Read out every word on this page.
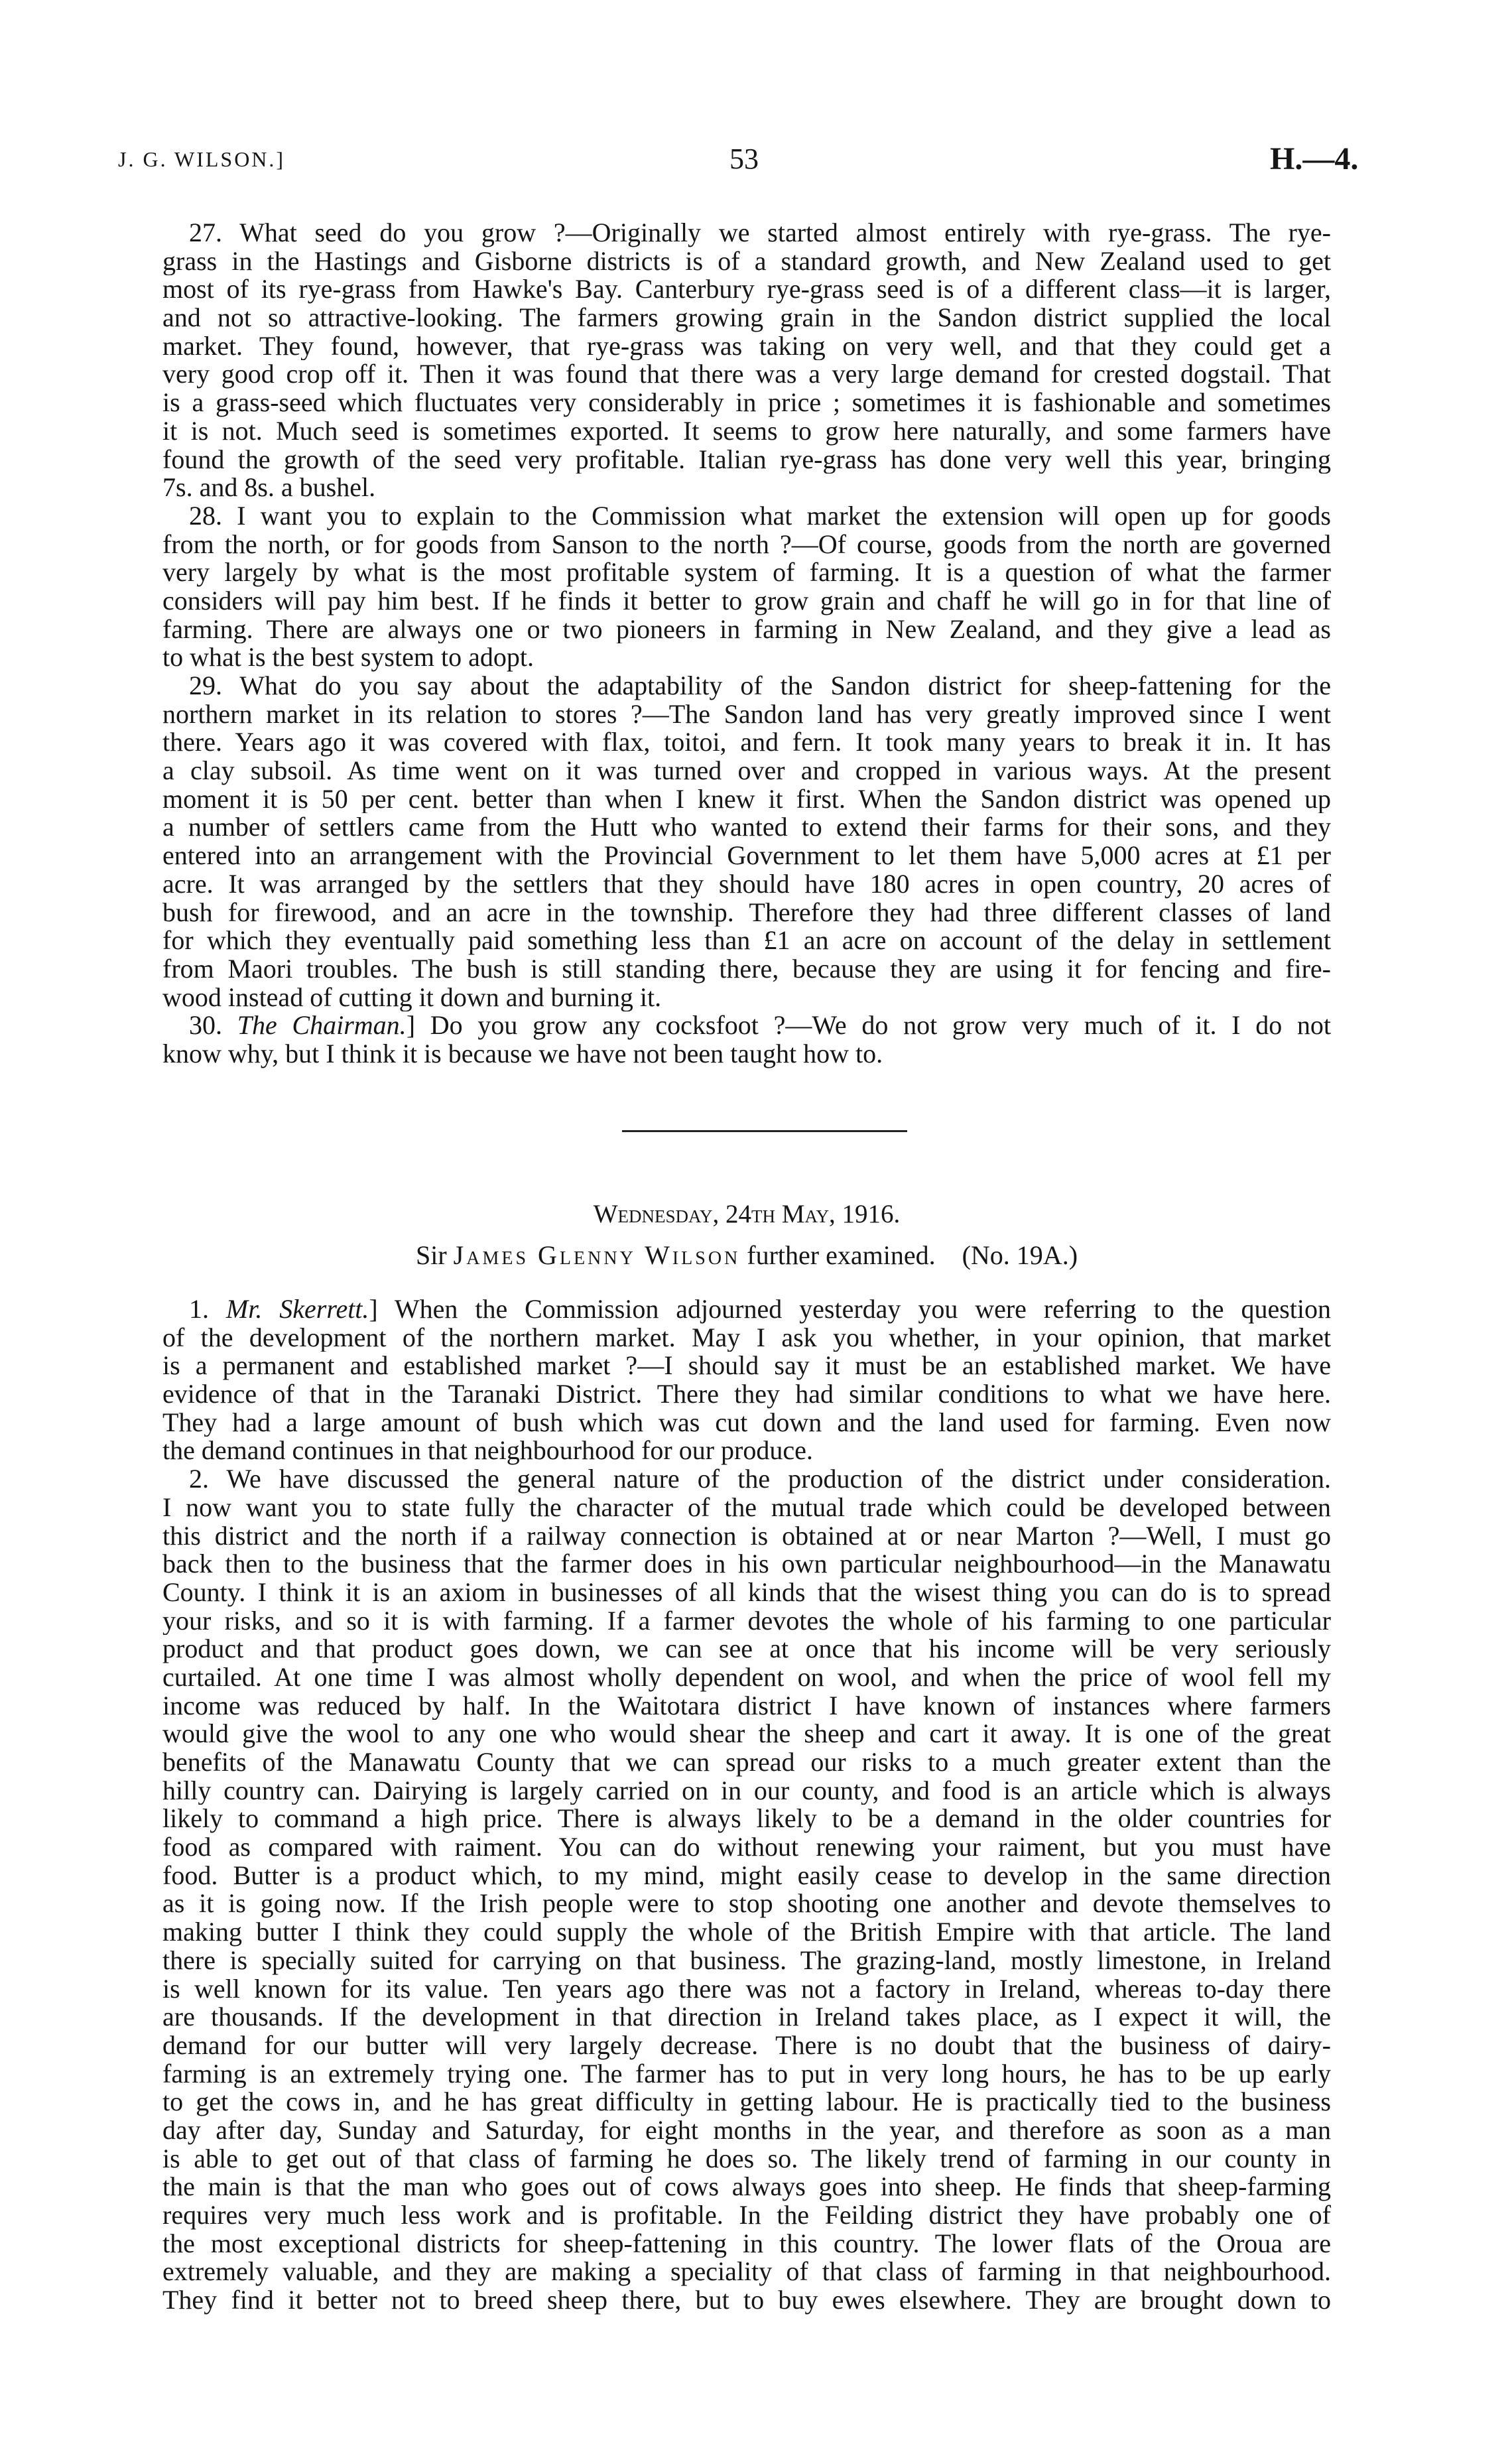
J. G. WILSON.]	53	H.—4.
27. What seed do you grow ?—Originally we started almost entirely with rye-grass. The rye-
grass in the Hastings and Gisborne districts is of a standard growth, and New Zealand used to get
most of its rye-grass from Hawke's Bay. Canterbury rye-grass seed is of a different class—it is larger,
and not so attractive-looking. The farmers growing grain in the Sandon district supplied the local
market. They found, however, that rye-grass was taking on very well, and that they could get a
very good crop off it. Then it was found that there was a very large demand for crested dogstail. That
is a grass-seed which fluctuates very considerably in price ; sometimes it is fashionable and sometimes
it is not. Much seed is sometimes exported. It seems to grow here naturally, and some farmers have
found the growth of the seed very profitable. Italian rye-grass has done very well this year, bringing
7s. and 8s. a bushel.
28. I want you to explain to the Commission what market the extension will open up for goods
from the north, or for goods from Sanson to the north ?—Of course, goods from the north are governed
very largely by what is the most profitable system of farming. It is a question of what the farmer
considers will pay him best. If he finds it better to grow grain and chaff he will go in for that line of
farming. There are always one or two pioneers in farming in New Zealand, and they give a lead as
to what is the best system to adopt.
29. What do you say about the adaptability of the Sandon district for sheep-fattening for the
northern market in its relation to stores ?—The Sandon land has very greatly improved since I went
there. Years ago it was covered with flax, toitoi, and fern. It took many years to break it in. It has
a clay subsoil. As time went on it was turned over and cropped in various ways. At the present
moment it is 50 per cent. better than when I knew it first. When the Sandon district was opened up
a number of settlers came from the Hutt who wanted to extend their farms for their sons, and they
entered into an arrangement with the Provincial Government to let them have 5,000 acres at £1 per
acre. It was arranged by the settlers that they should have 180 acres in open country, 20 acres of
bush for firewood, and an acre in the township. Therefore they had three different classes of land
for which they eventually paid something less than £1 an acre on account of the delay in settlement
from Maori troubles. The bush is still standing there, because they are using it for fencing and fire-
wood instead of cutting it down and burning it.
30. The Chairman.] Do you grow any cocksfoot ?—We do not grow very much of it. I do not
know why, but I think it is because we have not been taught how to.
Wednesday, 24th May, 1916.
Sir James Glenny Wilson further examined. (No. 19A.)
1. Mr. Skerrett.] When the Commission adjourned yesterday you were referring to the question
of the development of the northern market. May I ask you whether, in your opinion, that market
is a permanent and established market ?—I should say it must be an established market. We have
evidence of that in the Taranaki District. There they had similar conditions to what we have here.
They had a large amount of bush which was cut down and the land used for farming. Even now
the demand continues in that neighbourhood for our produce.
2. We have discussed the general nature of the production of the district under consideration.
I now want you to state fully the character of the mutual trade which could be developed between
this district and the north if a railway connection is obtained at or near Marton ?—Well, I must go
back then to the business that the farmer does in his own particular neighbourhood—in the Manawatu
County. I think it is an axiom in businesses of all kinds that the wisest thing you can do is to spread
your risks, and so it is with farming. If a farmer devotes the whole of his farming to one particular
product and that product goes down, we can see at once that his income will be very seriously
curtailed. At one time I was almost wholly dependent on wool, and when the price of wool fell my
income was reduced by half. In the Waitotara district I have known of instances where farmers
would give the wool to any one who would shear the sheep and cart it away. It is one of the great
benefits of the Manawatu County that we can spread our risks to a much greater extent than the
hilly country can. Dairying is largely carried on in our county, and food is an article which is always
likely to command a high price. There is always likely to be a demand in the older countries for
food as compared with raiment. You can do without renewing your raiment, but you must have
food. Butter is a product which, to my mind, might easily cease to develop in the same direction
as it is going now. If the Irish people were to stop shooting one another and devote themselves to
making butter I think they could supply the whole of the British Empire with that article. The land
there is specially suited for carrying on that business. The grazing-land, mostly limestone, in Ireland
is well known for its value. Ten years ago there was not a factory in Ireland, whereas to-day there
are thousands. If the development in that direction in Ireland takes place, as I expect it will, the
demand for our butter will very largely decrease. There is no doubt that the business of dairy-
farming is an extremely trying one. The farmer has to put in very long hours, he has to be up early
to get the cows in, and he has great difficulty in getting labour. He is practically tied to the business
day after day, Sunday and Saturday, for eight months in the year, and therefore as soon as a man
is able to get out of that class of farming he does so. The likely trend of farming in our county in
the main is that the man who goes out of cows always goes into sheep. He finds that sheep-farming
requires very much less work and is profitable. In the Feilding district they have probably one of
the most exceptional districts for sheep-fattening in this country. The lower flats of the Oroua are
extremely valuable, and they are making a speciality of that class of farming in that neighbourhood.
They find it better not to breed sheep there, but to buy ewes elsewhere. They are brought down to
